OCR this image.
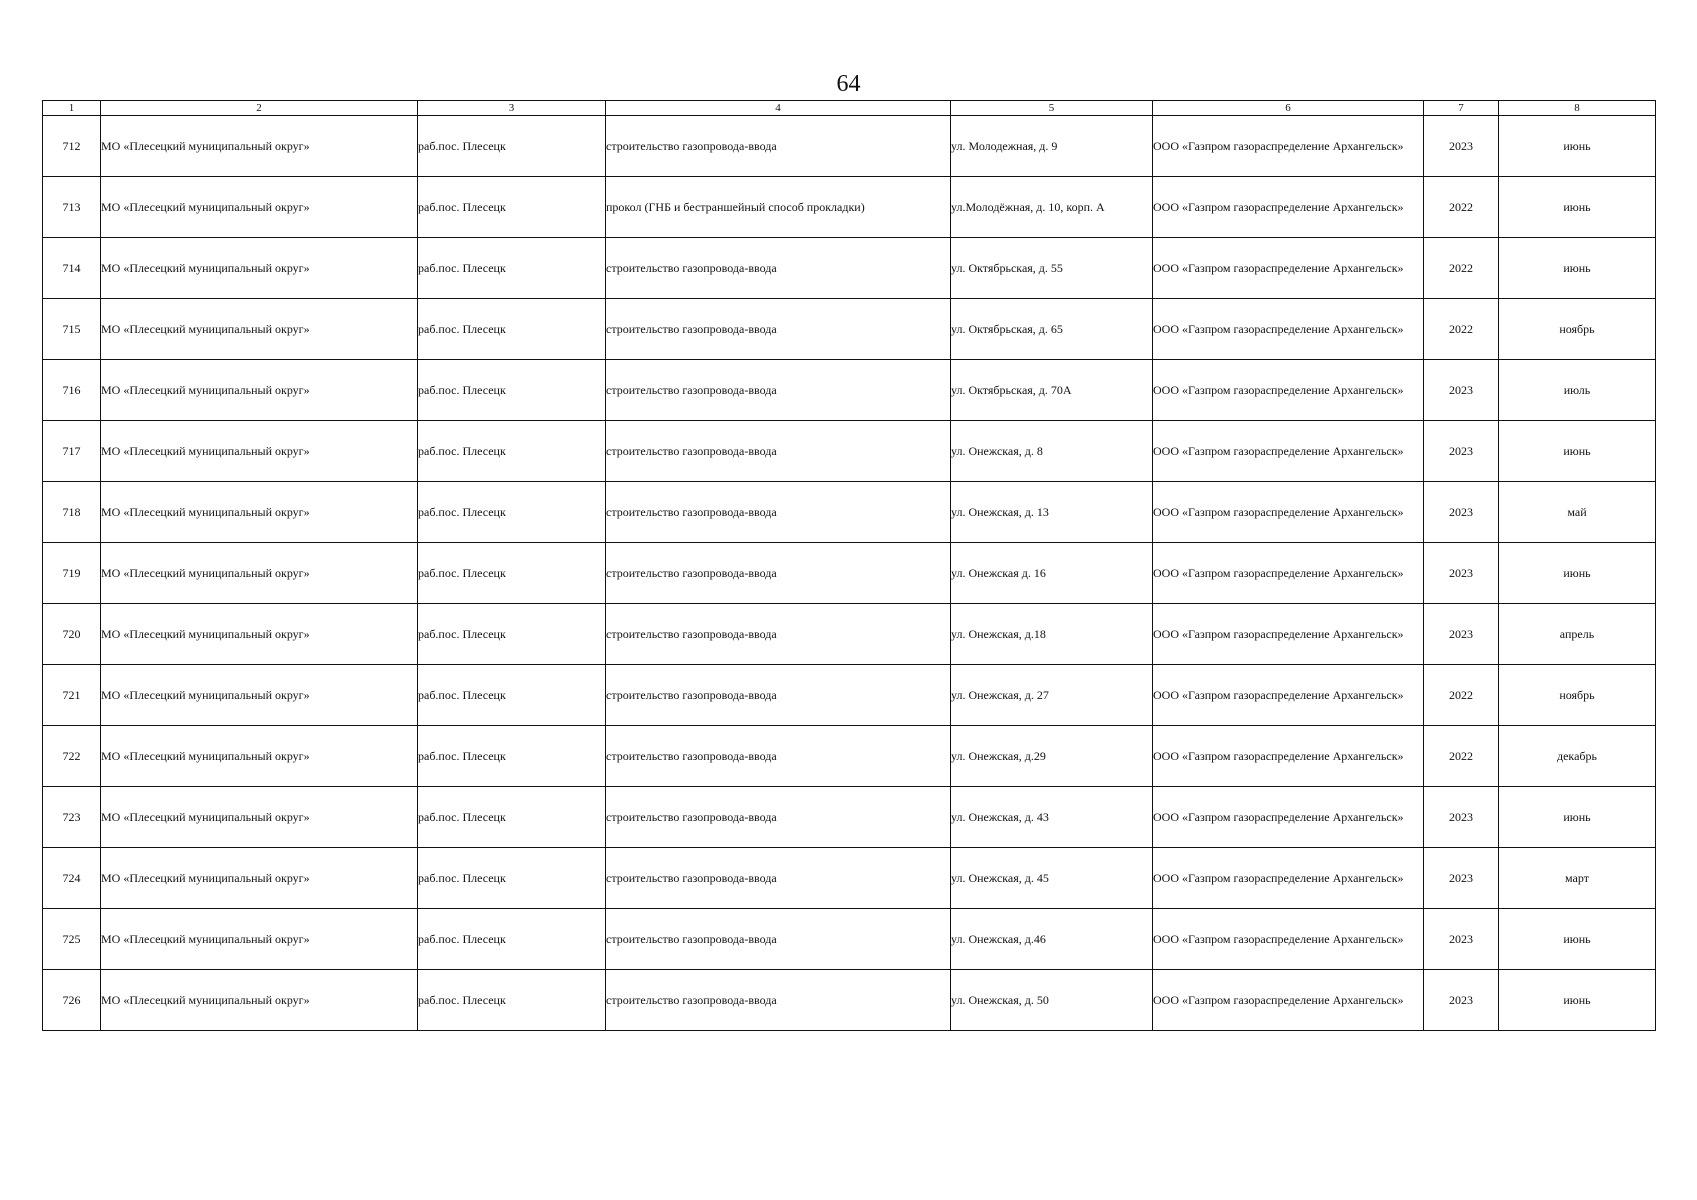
64
1	2	3	4	5	6	7	8
712	МО «Плесецкий муниципальный округ»	раб.пос. Плесецк	строительство газопровода-ввода	ул. Молодежная, д. 9	ООО «Газпром газораспределение Архангельск»	2023	июнь
713	МО «Плесецкий муниципальный округ»	раб.пос. Плесецк	прокол (ГНБ и бестраншейный способ прокладки)	ул.Молодёжная, д. 10, корп. А	ООО «Газпром газораспределение Архангельск»	2022	июнь
714	МО «Плесецкий муниципальный округ»	раб.пос. Плесецк	строительство газопровода-ввода	ул. Октябрьская, д. 55	ООО «Газпром газораспределение Архангельск»	2022	июнь
715	МО «Плесецкий муниципальный округ»	раб.пос. Плесецк	строительство газопровода-ввода	ул. Октябрьская, д. 65	ООО «Газпром газораспределение Архангельск»	2022	ноябрь
716	МО «Плесецкий муниципальный округ»	раб.пос. Плесецк	строительство газопровода-ввода	ул. Октябрьская, д. 70А	ООО «Газпром газораспределение Архангельск»	2023	июль
717	МО «Плесецкий муниципальный округ»	раб.пос. Плесецк	строительство газопровода-ввода	ул. Онежская, д. 8	ООО «Газпром газораспределение Архангельск»	2023	июнь
718	МО «Плесецкий муниципальный округ»	раб.пос. Плесецк	строительство газопровода-ввода	ул. Онежская, д. 13	ООО «Газпром газораспределение Архангельск»	2023	май
719	МО «Плесецкий муниципальный округ»	раб.пос. Плесецк	строительство газопровода-ввода	ул. Онежская д. 16	ООО «Газпром газораспределение Архангельск»	2023	июнь
720	МО «Плесецкий муниципальный округ»	раб.пос. Плесецк	строительство газопровода-ввода	ул. Онежская, д.18	ООО «Газпром газораспределение Архангельск»	2023	апрель
721	МО «Плесецкий муниципальный округ»	раб.пос. Плесецк	строительство газопровода-ввода	ул. Онежская, д. 27	ООО «Газпром газораспределение Архангельск»	2022	ноябрь
722	МО «Плесецкий муниципальный округ»	раб.пос. Плесецк	строительство газопровода-ввода	ул. Онежская, д.29	ООО «Газпром газораспределение Архангельск»	2022	декабрь
723	МО «Плесецкий муниципальный округ»	раб.пос. Плесецк	строительство газопровода-ввода	ул. Онежская, д. 43	ООО «Газпром газораспределение Архангельск»	2023	июнь
724	МО «Плесецкий муниципальный округ»	раб.пос. Плесецк	строительство газопровода-ввода	ул. Онежская, д. 45	ООО «Газпром газораспределение Архангельск»	2023	март
725	МО «Плесецкий муниципальный округ»	раб.пос. Плесецк	строительство газопровода-ввода	ул. Онежская, д.46	ООО «Газпром газораспределение Архангельск»	2023	июнь
726	МО «Плесецкий муниципальный округ»	раб.пос. Плесецк	строительство газопровода-ввода	ул. Онежская, д. 50	ООО «Газпром газораспределение Архангельск»	2023	июнь
